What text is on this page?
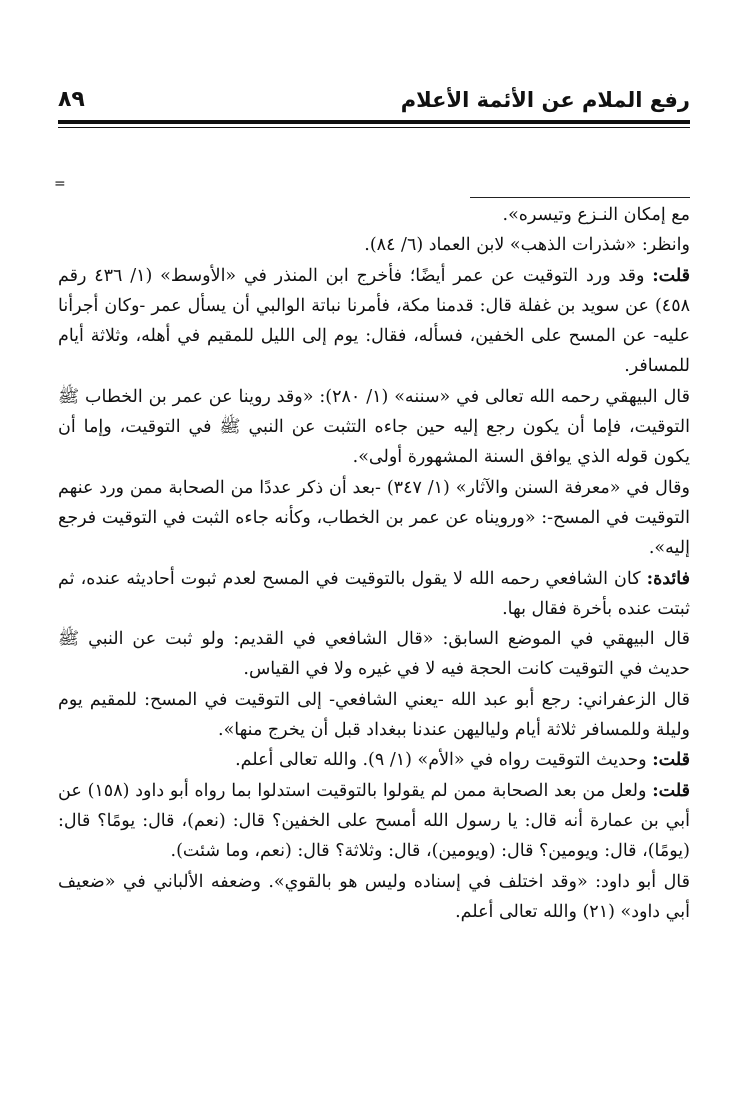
رفع الملام عن الأئمة الأعلام
٨٩
=

مع إمكان النـزع وتيسره».

وانظر: «شذرات الذهب» لابن العماد (٦/ ٨٤).

قلت: وقد ورد التوقيت عن عمر أيضًا؛ فأخرج ابن المنذر في «الأوسط» (١/ ٤٣٦ رقم ٤٥٨) عن سويد بن غفلة قال: قدمنا مكة، فأمرنا نباتة الوالبي أن يسأل عمر -وكان أجرأنا عليه- عن المسح على الخفين، فسأله، فقال: يوم إلى الليل للمقيم في أهله، وثلاثة أيام للمسافر.

قال البيهقي رحمه الله تعالى في «سننه» (١/ ٢٨٠): «وقد روينا عن عمر بن الخطاب ﷺ التوقيت، فإما أن يكون رجع إليه حين جاءه التثبت عن النبي ﷺ في التوقيت، وإما أن يكون قوله الذي يوافق السنة المشهورة أولى».

وقال في «معرفة السنن والآثار» (١/ ٣٤٧) -بعد أن ذكر عددًا من الصحابة ممن ورد عنهم التوقيت في المسح-: «ورويناه عن عمر بن الخطاب، وكأنه جاءه الثبت في التوقيت فرجع إليه».

فائدة: كان الشافعي رحمه الله لا يقول بالتوقيت في المسح لعدم ثبوت أحاديثه عنده، ثم ثبتت عنده بأخرة فقال بها.

قال البيهقي في الموضع السابق: «قال الشافعي في القديم: ولو ثبت عن النبي ﷺ حديث في التوقيت كانت الحجة فيه لا في غيره ولا في القياس.

قال الزعفراني: رجع أبو عبد الله -يعني الشافعي- إلى التوقيت في المسح: للمقيم يوم وليلة وللمسافر ثلاثة أيام ولياليهن عندنا ببغداد قبل أن يخرج منها».

قلت: وحديث التوقيت رواه في «الأم» (١/ ٩). والله تعالى أعلم.

قلت: ولعل من بعد الصحابة ممن لم يقولوا بالتوقيت استدلوا بما رواه أبو داود (١٥٨) عن أبي بن عمارة أنه قال: يا رسول الله أمسح على الخفين؟ قال: (نعم)، قال: يومًا؟ قال: (يومًا)، قال: ويومين؟ قال: (ويومين)، قال: وثلاثة؟ قال: (نعم، وما شئت).

قال أبو داود: «وقد اختلف في إسناده وليس هو بالقوي». وضعفه الألباني في «ضعيف أبي داود» (٢١) والله تعالى أعلم.
